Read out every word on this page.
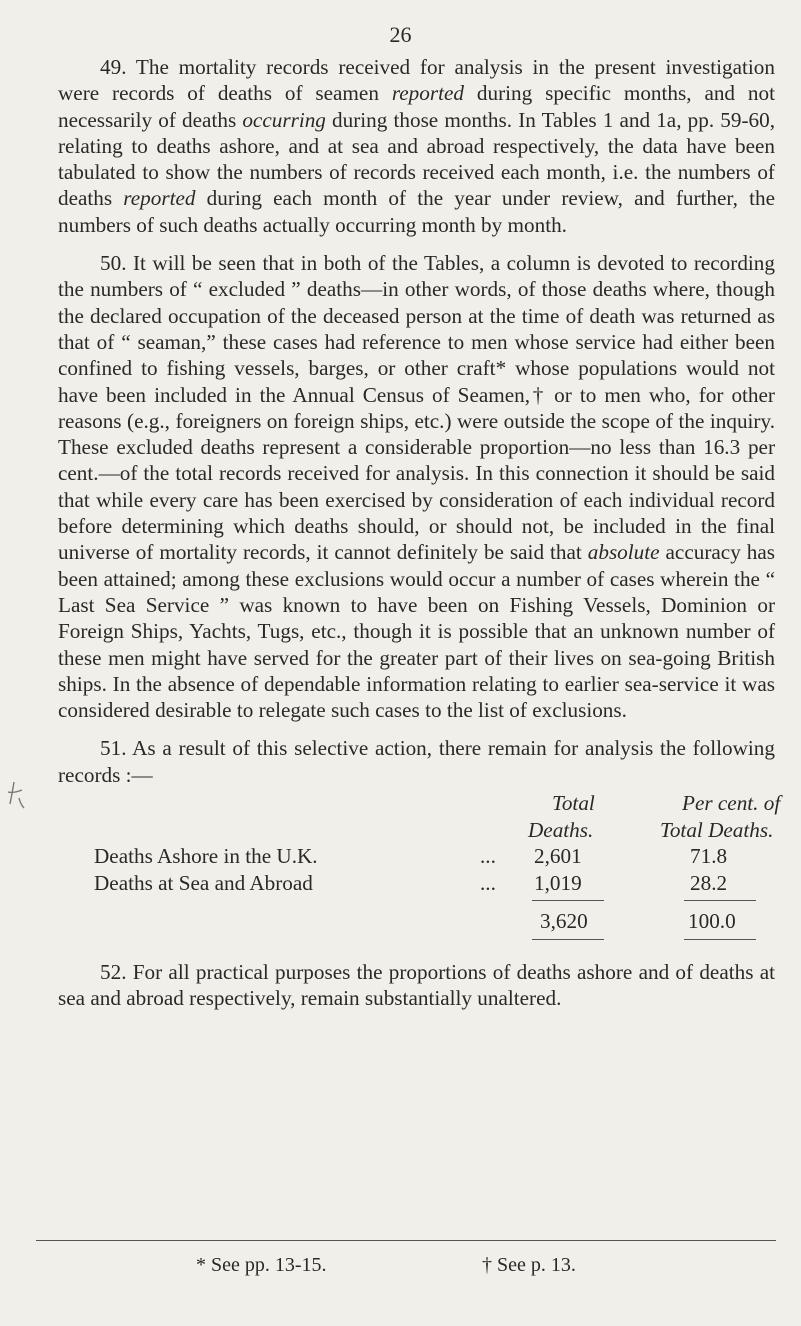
26

49. The mortality records received for analysis in the present investigation were records of deaths of seamen reported during specific months, and not necessarily of deaths occurring during those months. In Tables 1 and 1a, pp. 59-60, relating to deaths ashore, and at sea and abroad respectively, the data have been tabulated to show the numbers of records received each month, i.e. the numbers of deaths reported during each month of the year under review, and further, the numbers of such deaths actually occurring month by month.

50. It will be seen that in both of the Tables, a column is devoted to recording the numbers of “ excluded ” deaths—in other words, of those deaths where, though the declared occupation of the deceased person at the time of death was returned as that of “ seaman,” these cases had reference to men whose service had either been confined to fishing vessels, barges, or other craft* whose populations would not have been included in the Annual Census of Seamen,† or to men who, for other reasons (e.g., foreigners on foreign ships, etc.) were outside the scope of the inquiry. These excluded deaths represent a considerable proportion—no less than 16.3 per cent.—of the total records received for analysis. In this connection it should be said that while every care has been exercised by consideration of each individual record before determining which deaths should, or should not, be included in the final universe of mortality records, it cannot definitely be said that absolute accuracy has been attained; among these exclusions would occur a number of cases wherein the “ Last Sea Service ” was known to have been on Fishing Vessels, Dominion or Foreign Ships, Yachts, Tugs, etc., though it is possible that an unknown number of these men might have served for the greater part of their lives on sea-going British ships. In the absence of dependable information relating to earlier sea-service it was considered desirable to relegate such cases to the list of exclusions.

51. As a result of this selective action, there remain for analysis the following records :—

Total	Per cent. of
Deaths.	Total Deaths.
Deaths Ashore in the U.K.	... 2,601	71.8
Deaths at Sea and Abroad	... 1,019	28.2
3,620	100.0

52. For all practical purposes the proportions of deaths ashore and of deaths at sea and abroad respectively, remain substantially unaltered.

* See pp. 13-15.	† See p. 13.
